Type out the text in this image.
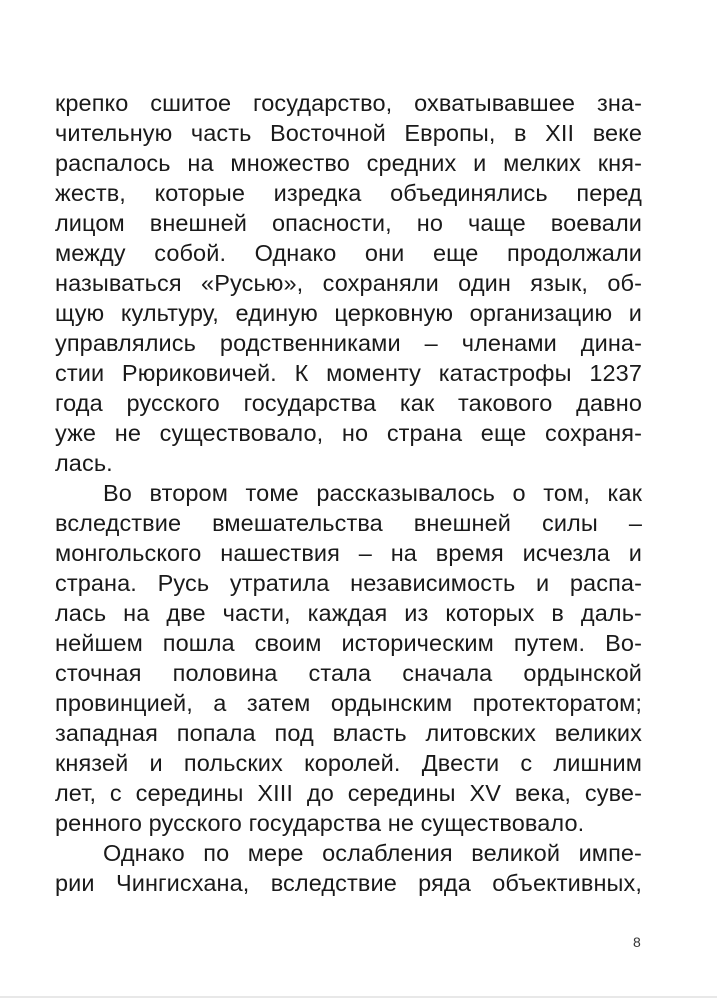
крепко сшитое государство, охватывавшее зна-
чительную часть Восточной Европы, в XII веке
распалось на множество средних и мелких кня-
жеств, которые изредка объединялись перед
лицом внешней опасности, но чаще воевали
между собой. Однако они еще продолжали
называться «Русью», сохраняли один язык, об-
щую культуру, единую церковную организацию и
управлялись родственниками – членами дина-
стии Рюриковичей. К моменту катастрофы 1237
года русского государства как такового давно
уже не существовало, но страна еще сохраня-
лась.
Во втором томе рассказывалось о том, как
вследствие вмешательства внешней силы –
монгольского нашествия – на время исчезла и
страна. Русь утратила независимость и распа-
лась на две части, каждая из которых в даль-
нейшем пошла своим историческим путем. Во-
сточная половина стала сначала ордынской
провинцией, а затем ордынским протекторатом;
западная попала под власть литовских великих
князей и польских королей. Двести с лишним
лет, с середины XIII до середины XV века, суве-
ренного русского государства не существовало.
Однако по мере ослабления великой импе-
рии Чингисхана, вследствие ряда объективных,
8
